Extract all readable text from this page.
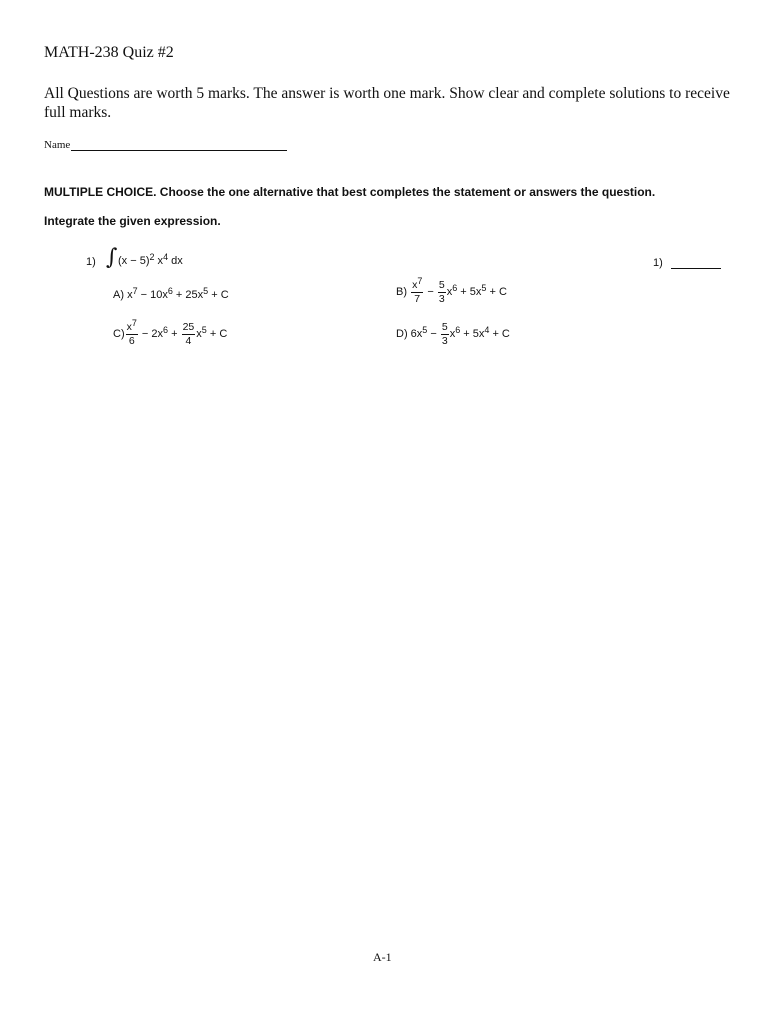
MATH-238 Quiz #2
All Questions are worth 5 marks. The answer is worth one mark. Show clear and complete solutions to receive full marks.
Name
MULTIPLE CHOICE. Choose the one alternative that best completes the statement or answers the question.
Integrate the given expression.
1) ∫ $(x - 5)^2$ $x^4$ dx	1)
A) $x^7 - 10x^6 + 25x^5 + C$	$B) \frac{x7}{7} - \frac{5}{3} x^6 + 5x^5 + C$
$C) \frac{x7}{6} - 2x^6 + \frac{25}{4} x^5 + C$	D) $6x^5 - \frac{5}{3} x^6 + 5x^4 + C$
A-1
